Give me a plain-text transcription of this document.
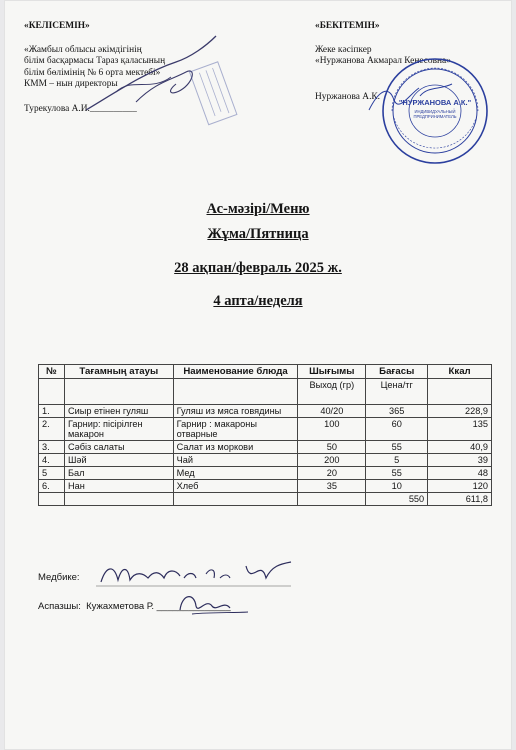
«КЕЛІСЕМІН»
«Жамбыл облысы әкімдігінің
білім басқармасы Тараз қаласының
білім бөлімінің № 6 орта мектебі»
КММ – нын директоры
Турекулова А.И.__________
«БЕКІТЕМІН»
Жеке кәсіпкер
«Нуржанова Акмарал Кенесовна»
Нуржанова А.К.
"НУРЖАНОВА А.К."
ИНДИВИДУАЛЬНЫЙ
ПРЕДПРИНИМАТЕЛЬ
Ас-мәзірі/Меню
Жұма/Пятница
28 ақпан/февраль 2025 ж.
4 апта/неделя
№	Тағамның атауы	Наименование блюда	Шығымы	Бағасы	Ккал
			Выход (гр)	Цена/тг	
1.	Сиыр етінен гуляш	Гуляш из мяса говядины	40/20	365	228,9
2.	Гарнир: пісірілген макарон	Гарнир : макароны отварные	100	60	135
3.	Сәбіз салаты	Салат из моркови	50	55	40,9
4.	Шәй	Чай	200	5	39
5	Бал	Мед	20	55	48
6.	Нан	Хлеб	35	10	120
				550	611,8
Медбике:
Аспазшы: Кужахметова Р. ______________
